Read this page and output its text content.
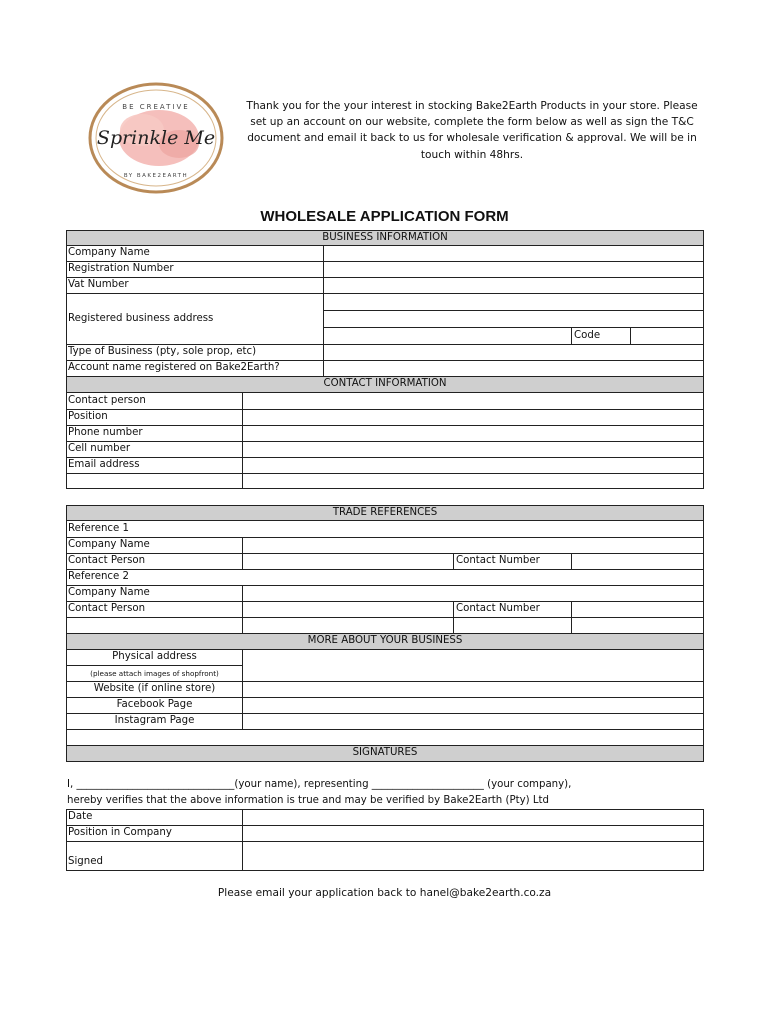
BE CREATIVE
Sprinkle Me
BY BAKE2EARTH
Thank you for the your interest in stocking Bake2Earth Products in your store. Please set up an account on our website, complete the form below as well as sign the T&C document and email it back to us for wholesale verification & approval. We will be in touch within 48hrs.
WHOLESALE APPLICATION FORM
BUSINESS INFORMATION
Company Name
Registration Number
Vat Number
Registered business address
Code
Type of Business (pty, sole prop, etc)
Account name registered on Bake2Earth?
CONTACT INFORMATION
Contact person
Position
Phone number
Cell number
Email address
TRADE REFERENCES
Reference 1
Company Name
Contact Person	Contact Number
Reference 2
Company Name
Contact Person	Contact Number
MORE ABOUT YOUR BUSINESS
Physical address
(please attach images of shopfront)
Website (if online store)
Facebook Page
Instagram Page
SIGNATURES
I, _______________________________(your name), representing ______________________ (your company),
hereby verifies that the above information is true and may be verified by Bake2Earth (Pty) Ltd
Date
Position in Company
Signed
Please email your application back to hanel@bake2earth.co.za
